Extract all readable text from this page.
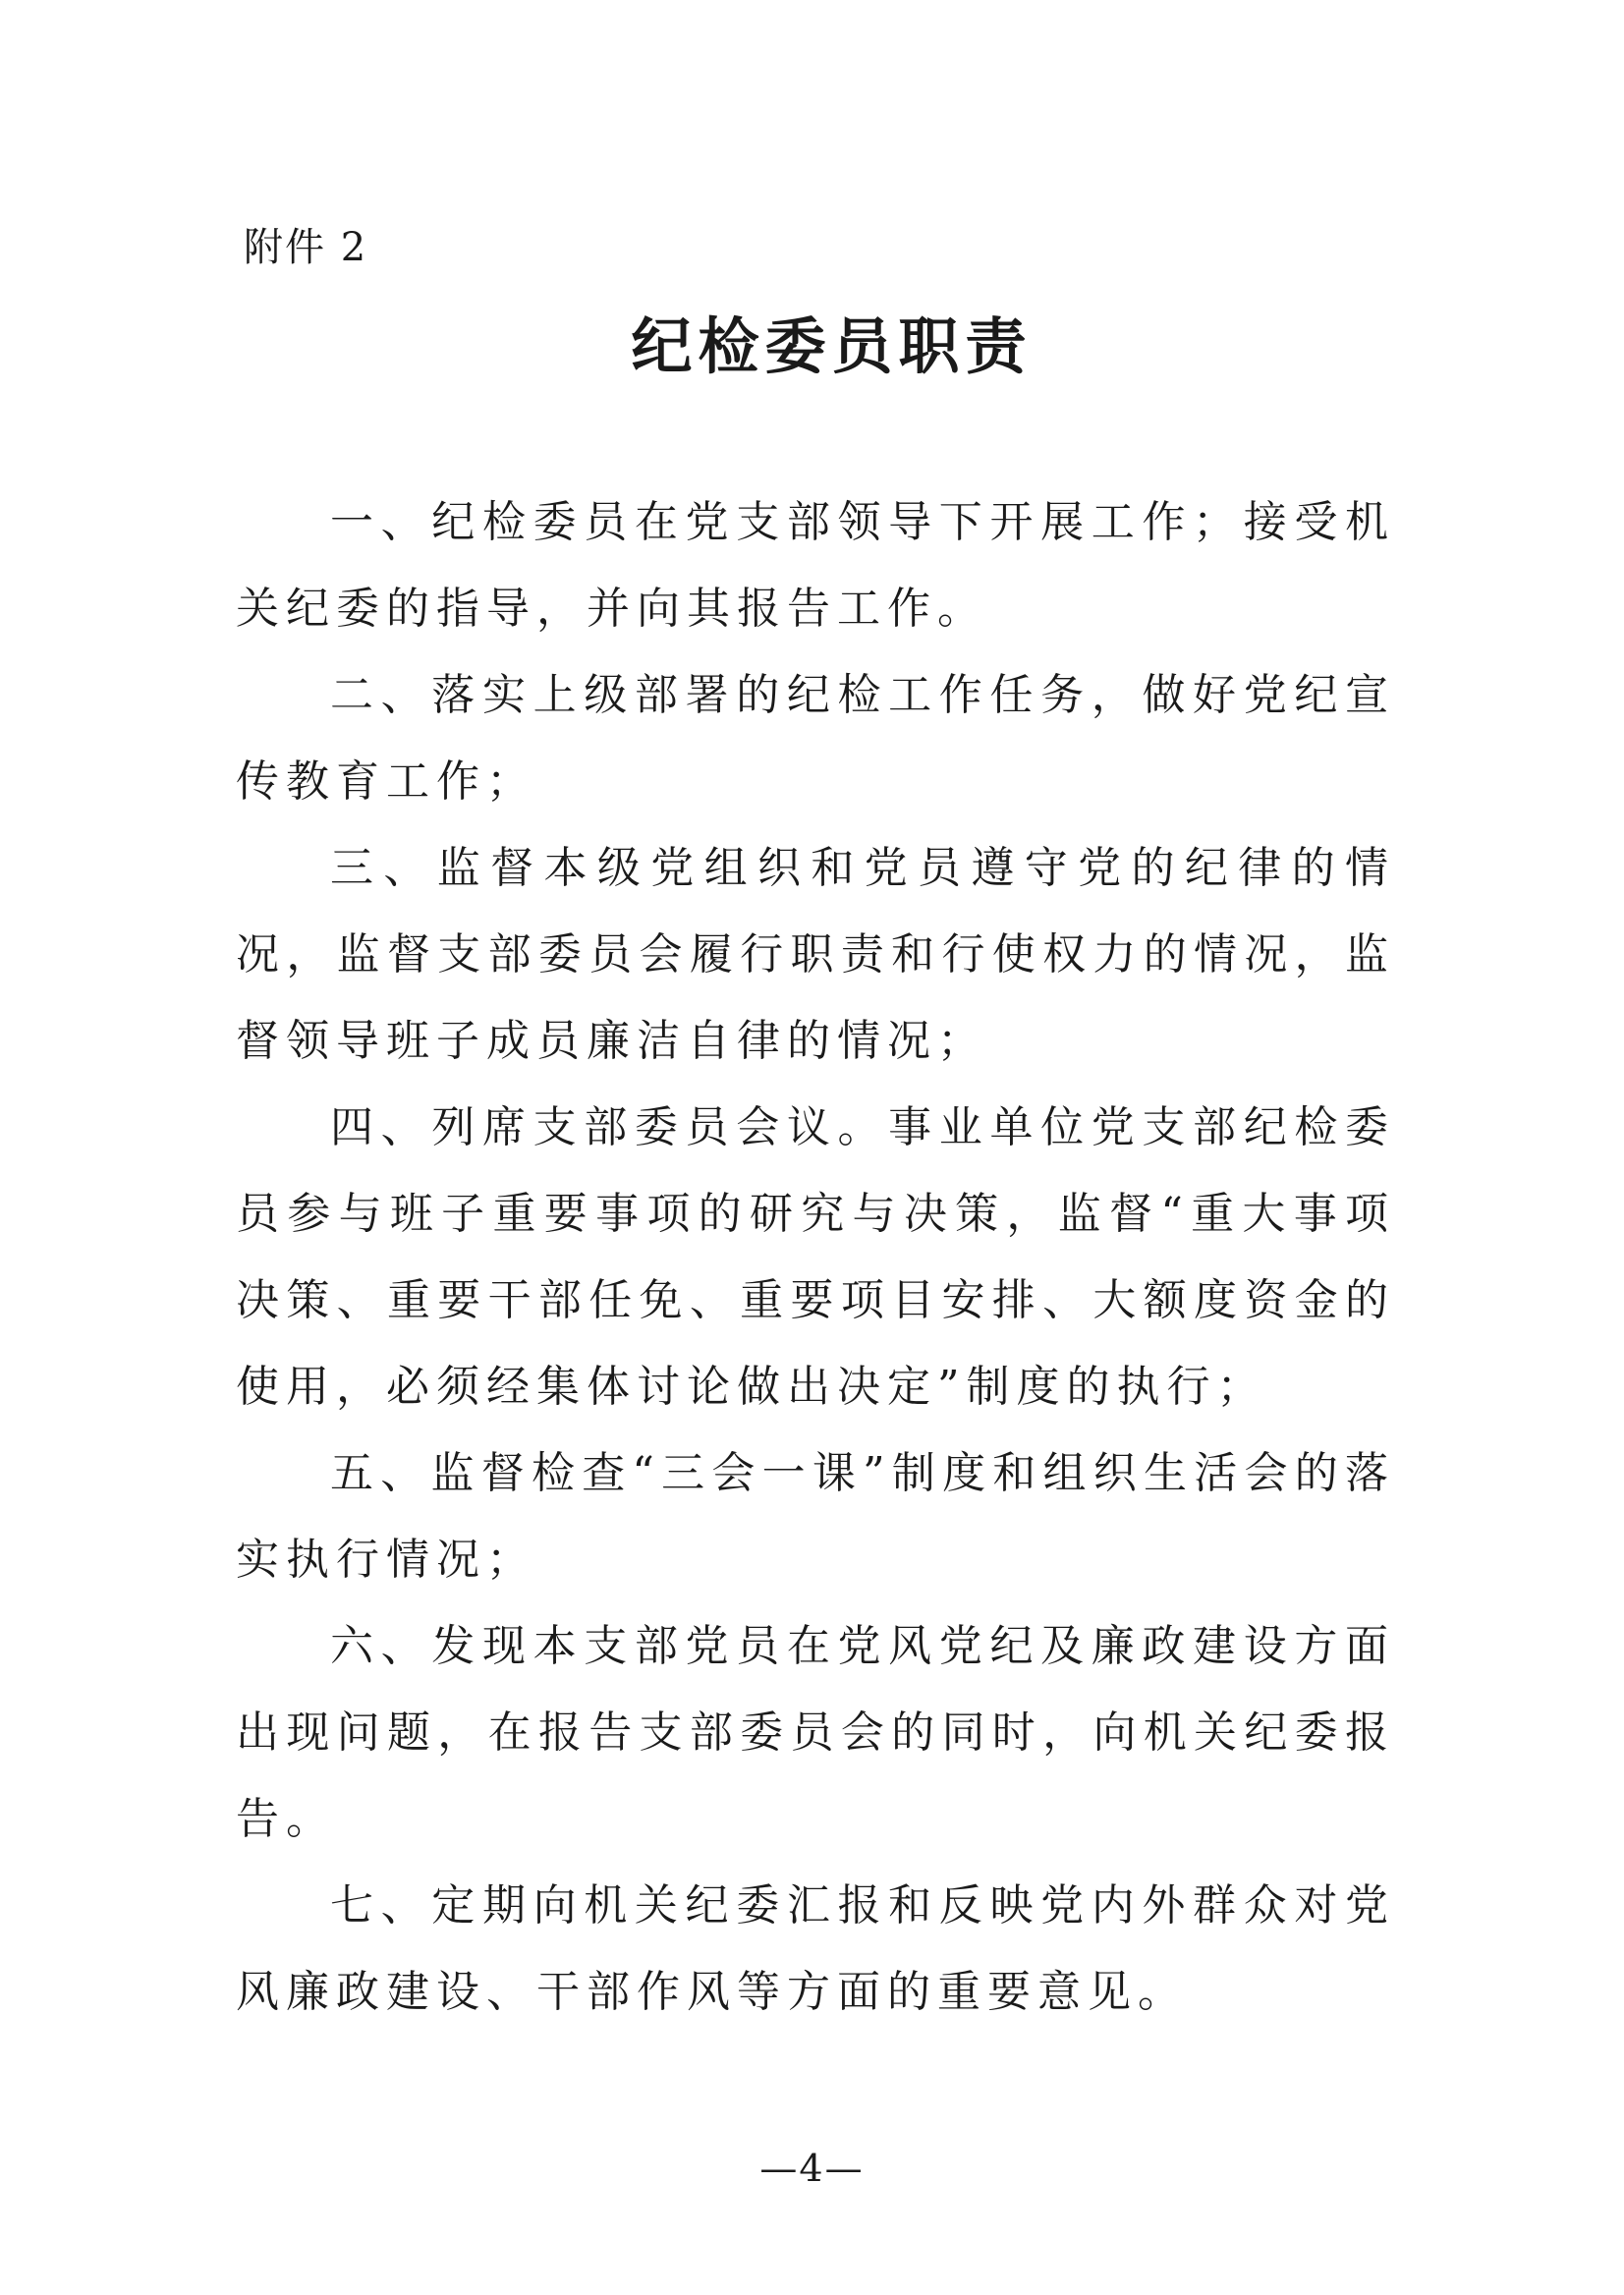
附件 2
纪检委员职责

一、纪检委员在党支部领导下开展工作；接受机关纪委的指导，并向其报告工作。

二、落实上级部署的纪检工作任务，做好党纪宣传教育工作；

三、监督本级党组织和党员遵守党的纪律的情况，监督支部委员会履行职责和行使权力的情况，监督领导班子成员廉洁自律的情况；

四、列席支部委员会议。事业单位党支部纪检委员参与班子重要事项的研究与决策，监督“重大事项决策、重要干部任免、重要项目安排、大额度资金的使用，必须经集体讨论做出决定”制度的执行；

五、监督检查“三会一课”制度和组织生活会的落实执行情况；

六、发现本支部党员在党风党纪及廉政建设方面出现问题，在报告支部委员会的同时，向机关纪委报告。

七、定期向机关纪委汇报和反映党内外群众对党风廉政建设、干部作风等方面的重要意见。

—4—
